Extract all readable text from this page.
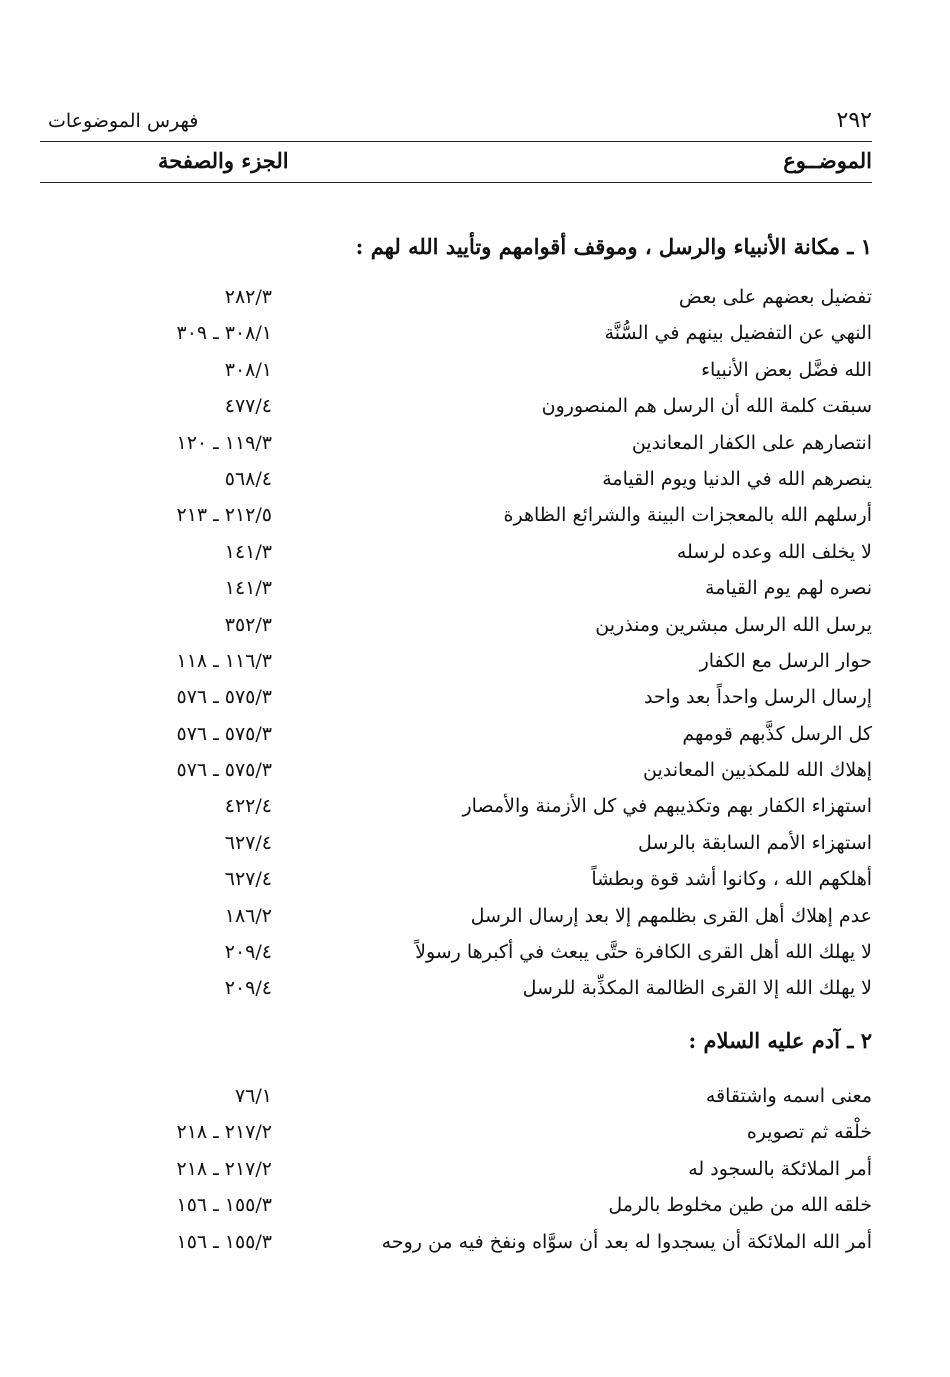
٢٩٢
فهرس الموضوعات
الموضــوع
الجزء والصفحة
١ ـ مكانة الأنبياء والرسل ، وموقف أقوامهم وتأييد الله لهم :
تفضيل بعضهم على بعض
٢٨٢/٣
النهي عن التفضيل بينهم في السُّنَّة
٣٠٨/١ ـ ٣٠٩
الله فضَّل بعض الأنبياء
٣٠٨/١
سبقت كلمة الله أن الرسل هم المنصورون
٤٧٧/٤
انتصارهم على الكفار المعاندين
١١٩/٣ ـ ١٢٠
ينصرهم الله في الدنيا ويوم القيامة
٥٦٨/٤
أرسلهم الله بالمعجزات البينة والشرائع الظاهرة
٢١٢/٥ ـ ٢١٣
لا يخلف الله وعده لرسله
١٤١/٣
نصره لهم يوم القيامة
١٤١/٣
يرسل الله الرسل مبشرين ومنذرين
٣٥٢/٣
حوار الرسل مع الكفار
١١٦/٣ ـ ١١٨
إرسال الرسل واحداً بعد واحد
٥٧٥/٣ ـ ٥٧٦
كل الرسل كذَّبهم قومهم
٥٧٥/٣ ـ ٥٧٦
إهلاك الله للمكذبين المعاندين
٥٧٥/٣ ـ ٥٧٦
استهزاء الكفار بهم وتكذيبهم في كل الأزمنة والأمصار
٤٢٢/٤
استهزاء الأمم السابقة بالرسل
٦٢٧/٤
أهلكهم الله ، وكانوا أشد قوة وبطشاً
٦٢٧/٤
عدم إهلاك أهل القرى بظلمهم إلا بعد إرسال الرسل
١٨٦/٢
لا يهلك الله أهل القرى الكافرة حتَّى يبعث في أكبرها رسولاً
٢٠٩/٤
لا يهلك الله إلا القرى الظالمة المكذِّبة للرسل
٢٠٩/٤
٢ ـ آدم عليه السلام :
معنى اسمه واشتقاقه
٧٦/١
خلْقه ثم تصويره
٢١٧/٢ ـ ٢١٨
أمر الملائكة بالسجود له
٢١٧/٢ ـ ٢١٨
خلقه الله من طين مخلوط بالرمل
١٥٥/٣ ـ ١٥٦
أمر الله الملائكة أن يسجدوا له بعد أن سوَّاه ونفخ فيه من روحه
١٥٥/٣ ـ ١٥٦
